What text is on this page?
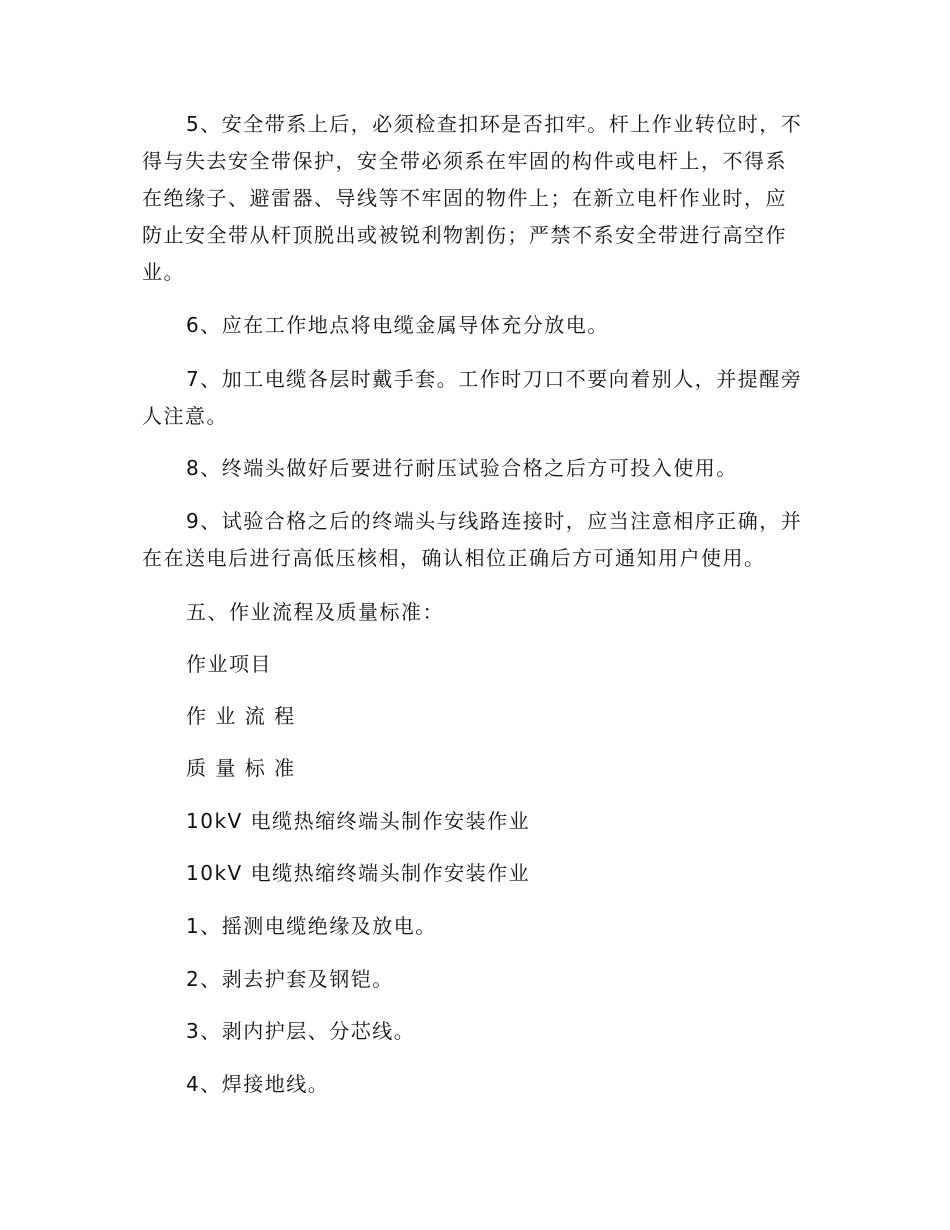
5、安全带系上后，必须检查扣环是否扣牢。杆上作业转位时，不
得与失去安全带保护，安全带必须系在牢固的构件或电杆上，不得系
在绝缘子、避雷器、导线等不牢固的物件上；在新立电杆作业时，应
防止安全带从杆顶脱出或被锐利物割伤；严禁不系安全带进行高空作
业。
6、应在工作地点将电缆金属导体充分放电。
7、加工电缆各层时戴手套。工作时刀口不要向着别人，并提醒旁
人注意。
8、终端头做好后要进行耐压试验合格之后方可投入使用。
9、试验合格之后的终端头与线路连接时，应当注意相序正确，并
在在送电后进行高低压核相，确认相位正确后方可通知用户使用。

五、作业流程及质量标准：

作业项目

作 业 流 程

质 量 标 准

10kV 电缆热缩终端头制作安装作业

10kV 电缆热缩终端头制作安装作业

1、摇测电缆绝缘及放电。

2、剥去护套及钢铠。

3、剥内护层、分芯线。

4、焊接地线。
